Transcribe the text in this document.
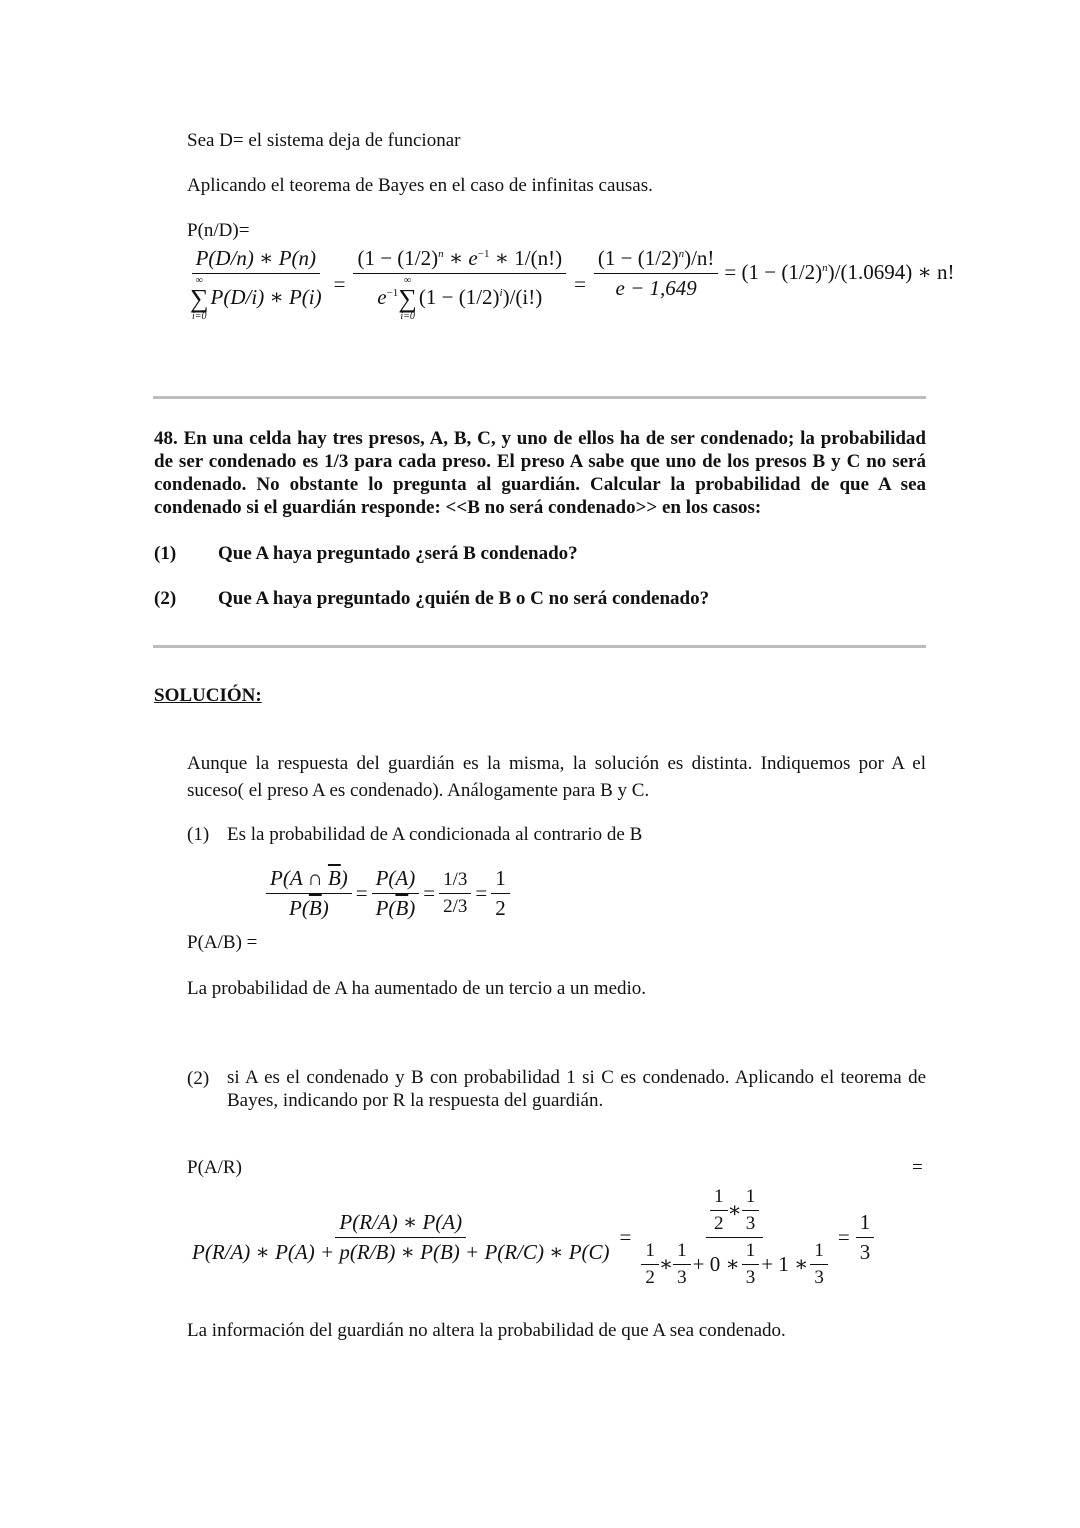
Sea D= el sistema deja de funcionar
Aplicando el teorema de Bayes en el caso de infinitas causas.
P(n/D)=
P(D/n) ∗ P(n)
∞
∑
i=0
P(D/i) ∗ $P(i) = (1 - (1/2)^n$ ∗ $e^{-1}$ ∗ 1/(n!)
$e^{-1}$
∞
∑
i=0
$(1 - (1/2)^i)/(i!) = \frac{(1 - (1/2)^n)/n!}{e - 1,649} = (1 - (1/2)^n)/(1.0694)$ ∗ n!
48. En una celda hay tres presos, A, B, C, y uno de ellos ha de ser condenado; la probabilidad de ser condenado es 1/3 para cada preso. El preso A sabe que uno de los presos B y C no será condenado. No obstante lo pregunta al guardián. Calcular la probabilidad de que A sea condenado si el guardián responde: <<B no será condenado>> en los casos:
(1) Que A haya preguntado ¿será B condenado?
(2) Que A haya preguntado ¿quién de B o C no será condenado?
SOLUCIÓN:
Aunque la respuesta del guardián es la misma, la solución es distinta. Indiquemos por A el suceso( el preso A es condenado). Análogamente para B y C.
(1) Es la probabilidad de A condicionada al contrario de B
$\frac{P(A \cap \overline{B})}{P(\overline{B})} = \frac{P(A)}{P(\overline{B})} = \frac{1/3}{2/3} = \frac{1}{2}$
P(A/B) =
La probabilidad de A ha aumentado de un tercio a un medio.
(2) si A es el condenado y B con probabilidad 1 si C es condenado. Aplicando el teorema de Bayes, indicando por R la respuesta del guardián.
P(A/R)	=
$\frac{P(R/A) ∗ P(A)}{P(R/A) ∗ P(A) + p(R/B) ∗ P(B) + P(R/C) ∗ P(C)}$ =
$\frac{1}{2}$ ∗ $\frac{1}{3}$
$\frac{1}{2}$ ∗ $\frac{1}{3} + 0$ ∗ $\frac{1}{3} + 1$ ∗ $\frac{1}{3}$
= $\frac{1}{3}$
La información del guardián no altera la probabilidad de que A sea condenado.
